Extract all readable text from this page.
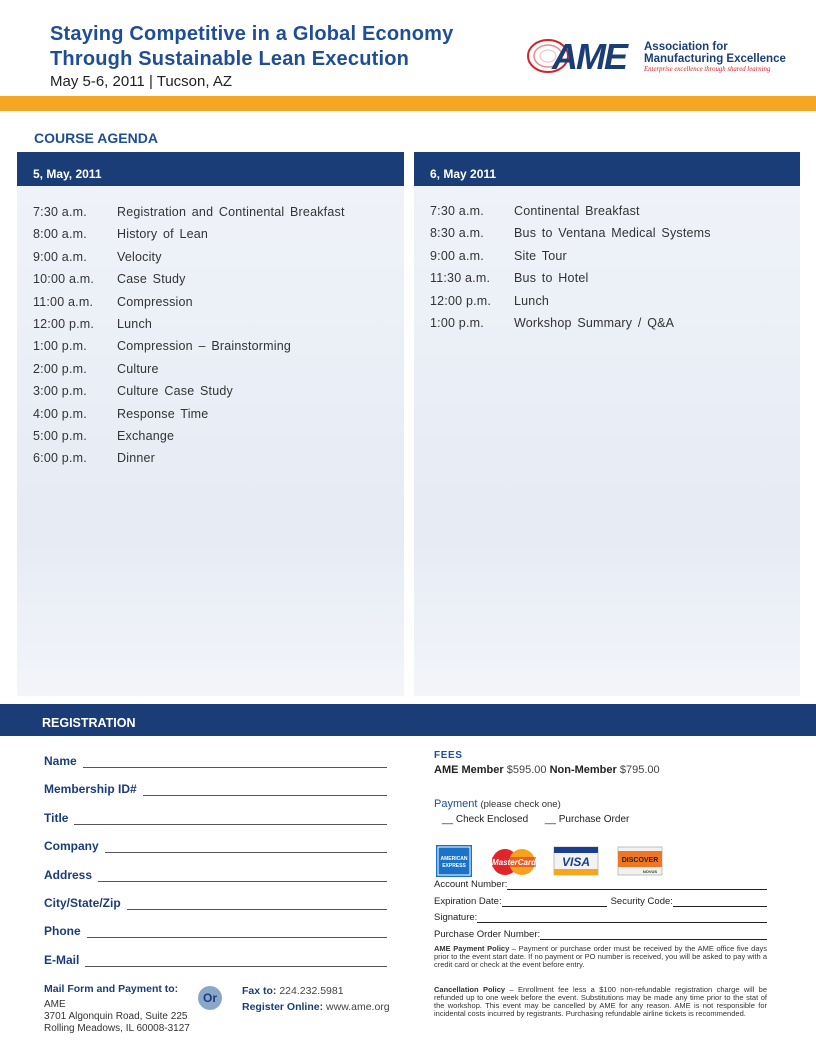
Staying Competitive in a Global Economy
Through Sustainable Lean Execution
May 5-6, 2011 | Tucson, AZ
AME Association for
Manufacturing Excellence
Enterprise excellence through shared learning
COURSE AGENDA
5, May, 2011
7:30 a.m.	Registration and Continental Breakfast
8:00 a.m.	History of Lean
9:00 a.m.	Velocity
10:00 a.m.	Case Study
11:00 a.m.	Compression
12:00 p.m.	Lunch
1:00 p.m.	Compression – Brainstorming
2:00 p.m.	Culture
3:00 p.m.	Culture Case Study
4:00 p.m.	Response Time
5:00 p.m.	Exchange
6:00 p.m.	Dinner
6, May 2011
7:30 a.m.	Continental Breakfast
8:30 a.m.	Bus to Ventana Medical Systems
9:00 a.m.	Site Tour
11:30 a.m.	Bus to Hotel
12:00 p.m.	Lunch
1:00 p.m.	Workshop Summary / Q&A
REGISTRATION
Name
Membership ID#
Title
Company
Address
City/State/Zip
Phone
E-Mail
Mail Form and Payment to:
AME
3701 Algonquin Road, Suite 225
Rolling Meadows, IL 60008-3127
Or	Fax to: 224.232.5981
Register Online: www.ame.org
FEES
AME Member $595.00 Non-Member $795.00
Payment (please check one)
__ Check Enclosed __ Purchase Order
AMERICAN
EXPRESS	MasterCard VISA	DISCOVER
NOVUS
Account Number:
Expiration Date:	Security Code:
Signature:
Purchase Order Number:
AME Payment Policy – Payment or purchase order must be received by the AME office five days prior to the event start date. If no payment or PO number is received, you will be asked to pay with a credit card or check at the event before entry.
Cancellation Policy – Enrollment fee less a $100 non-refundable registration charge will be refunded up to one week before the event. Substitutions may be made any time prior to the stat of the workshop. This event may be cancelled by AME for any reason. AME is not responsible for incidental costs incurred by registrants. Purchasing refundable airline tickets is recommended.
